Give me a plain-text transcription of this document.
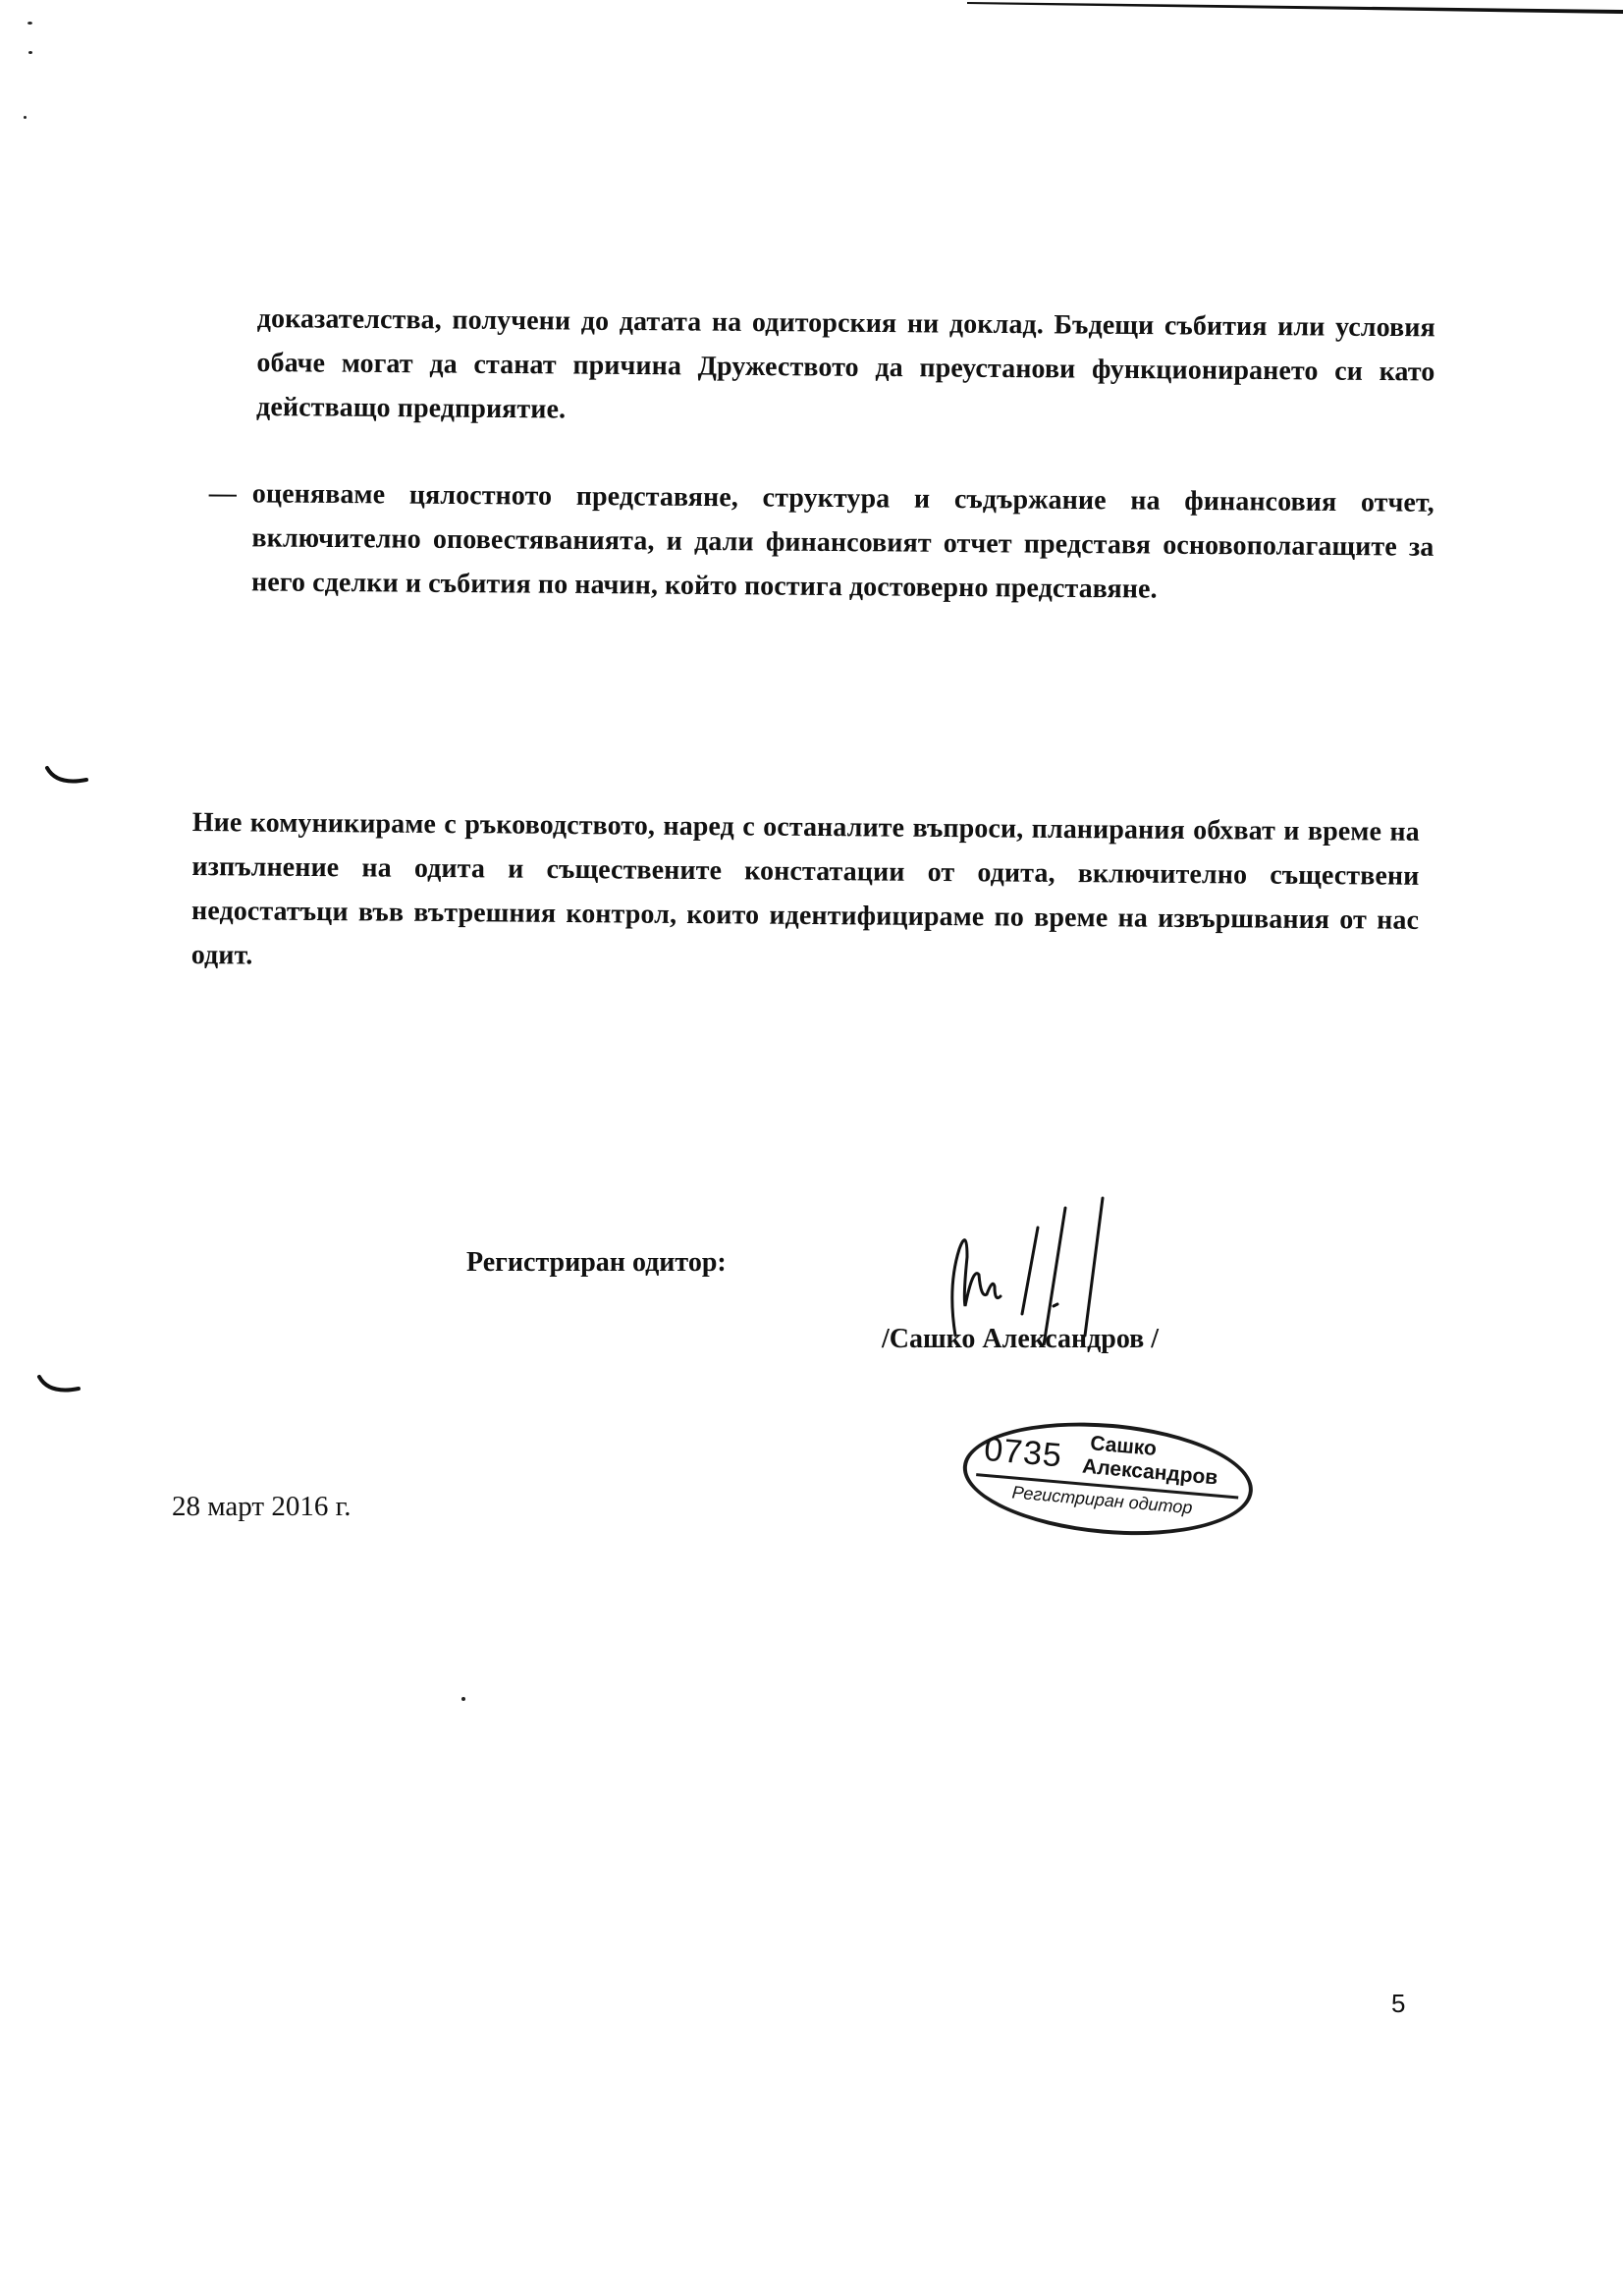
доказателства, получени до датата на одиторския ни доклад. Бъдещи събития или условия обаче могат да станат причина Дружеството да преустанови функционирането си като действащо предприятие.
— оценяваме цялостното представяне, структура и съдържание на финансовия отчет, включително оповестяванията, и дали финансовият отчет представя основополагащите за него сделки и събития по начин, който постига достоверно представяне.
Ние комуникираме с ръководството, наред с останалите въпроси, планирания обхват и време на изпълнение на одита и съществените констатации от одита, включително съществени недостатъци във вътрешния контрол, които идентифицираме по време на извършвания от нас одит.
Регистриран одитор:
/Сашко Александров /
0735 Сашко
Александров
Регистриран одитор
28 март 2016 г.
5
